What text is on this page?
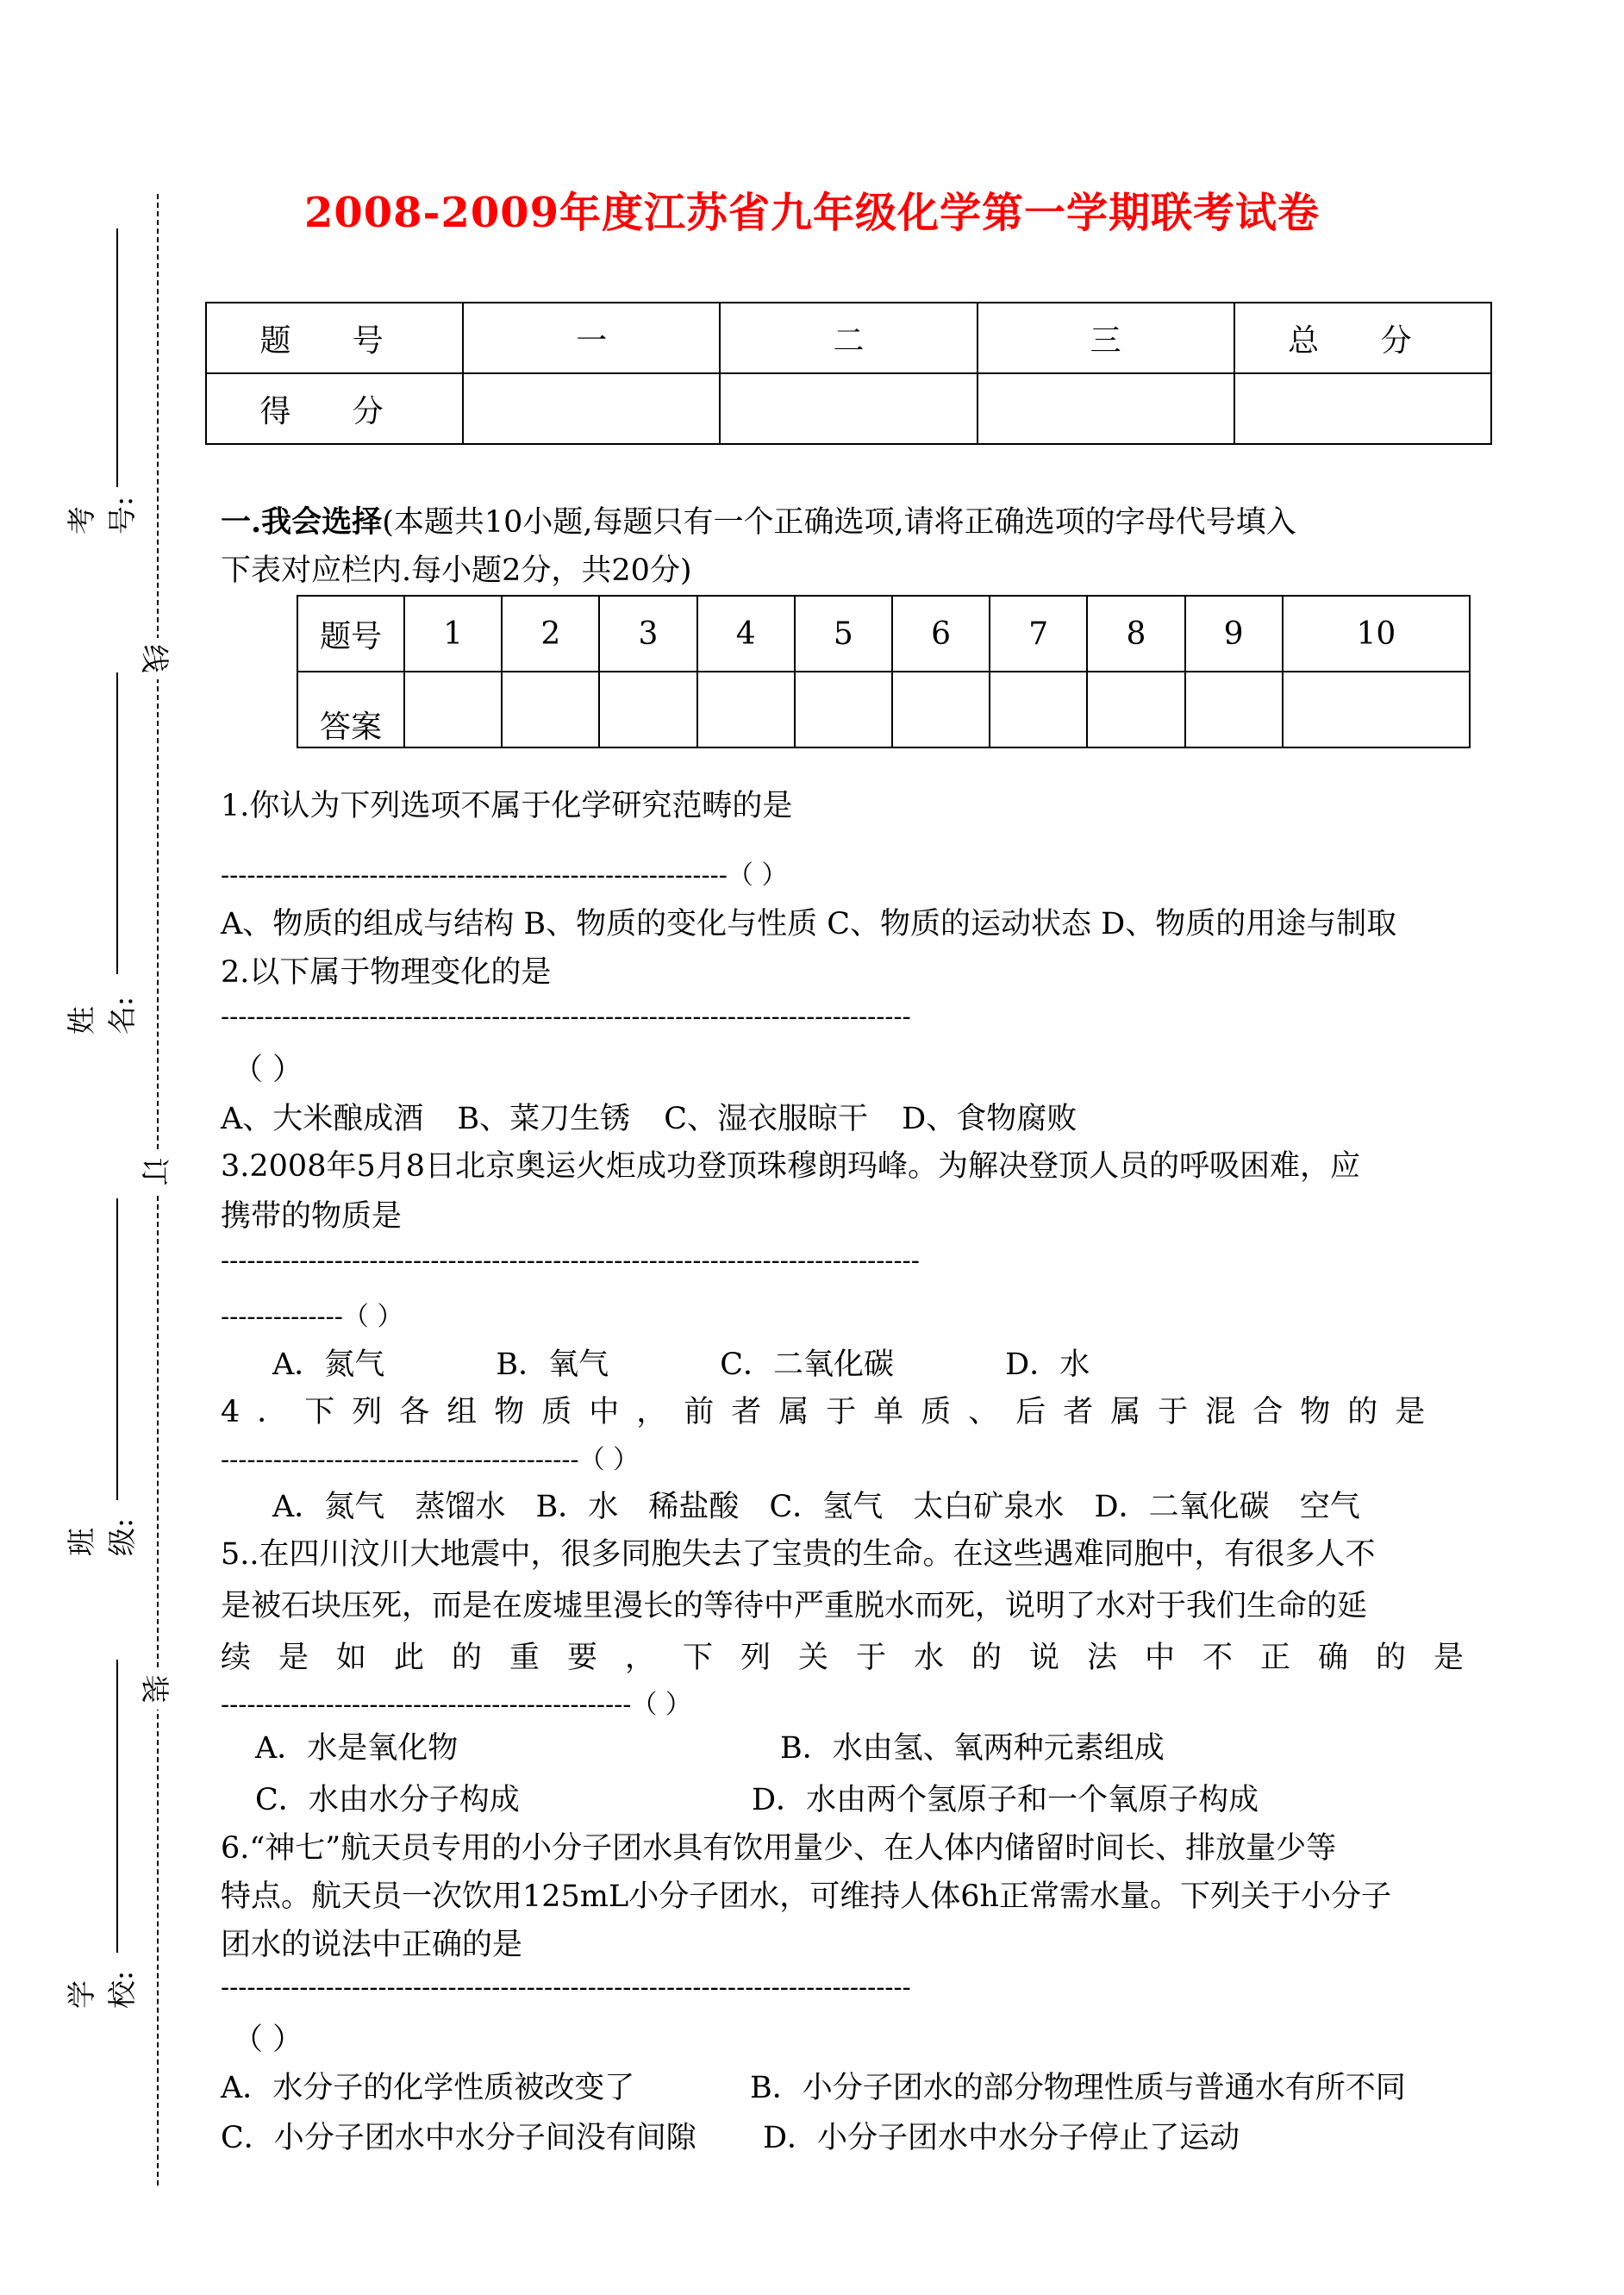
考号:
姓名:
班级:
学校:
线
订
装
2008-2009年度江苏省九年级化学第一学期联考试卷
题 号	一	二	三	总 分
得 分				
一.我会选择(本题共10小题,每题只有一个正确选项,请将正确选项的字母代号填入
下表对应栏内.每小题2分，共20分)
题号	1	2	3	4	5	6	7	8	9	10
答案										
1.你认为下列选项不属于化学研究范畴的是
----------------------------------------------------------（ ）
A、物质的组成与结构 B、物质的变化与性质 C、物质的运动状态 D、物质的用途与制取
2.以下属于物理变化的是
-------------------------------------------------------------------------------
（ ）
A、大米酿成酒 B、菜刀生锈 C、湿衣服晾干 D、食物腐败
3.2008年5月8日北京奥运火炬成功登顶珠穆朗玛峰。为解决登顶人员的呼吸困难，应
携带的物质是
--------------------------------------------------------------------------------
--------------（ ）
A．氮气 B．氧气 C．二氧化碳 D．水
4．下列各组物质中，前者属于单质、后者属于混合物的是
-----------------------------------------（ ）
A．氮气 蒸馏水 B．水 稀盐酸 C．氢气 太白矿泉水 D．二氧化碳 空气
5..在四川汶川大地震中，很多同胞失去了宝贵的生命。在这些遇难同胞中，有很多人不
是被石块压死，而是在废墟里漫长的等待中严重脱水而死，说明了水对于我们生命的延
续是如此的重要，下列关于水的说法中不正确的是
-----------------------------------------------（ ）
A．水是氧化物	B．水由氢、氧两种元素组成
C．水由水分子构成	D．水由两个氢原子和一个氧原子构成
6.“神七”航天员专用的小分子团水具有饮用量少、在人体内储留时间长、排放量少等
特点。航天员一次饮用125mL小分子团水，可维持人体6h正常需水量。下列关于小分子
团水的说法中正确的是
-------------------------------------------------------------------------------
（ ）
A．水分子的化学性质被改变了	B．小分子团水的部分物理性质与普通水有所不同
C．小分子团水中水分子间没有间隙 D．小分子团水中水分子停止了运动
